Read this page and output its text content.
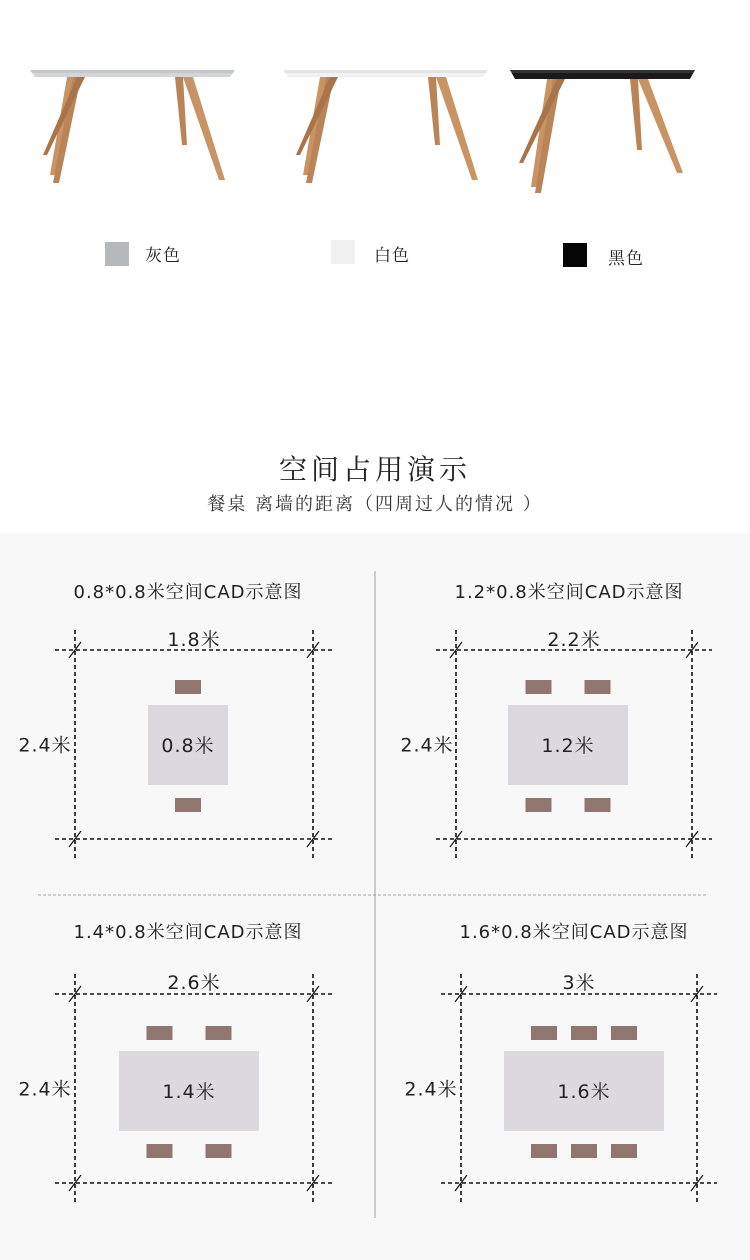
灰色	白色	黑色
空间占用演示
餐桌 离墙的距离（四周过人的情况 ）
0.8*0.8米空间CAD示意图
1.8米
2.4米	0.8米
1.2*0.8米空间CAD示意图
2.2米
2.4米	1.2米
1.4*0.8米空间CAD示意图
2.6米
2.4米	1.4米
1.6*0.8米空间CAD示意图
3米
2.4米	1.6米
